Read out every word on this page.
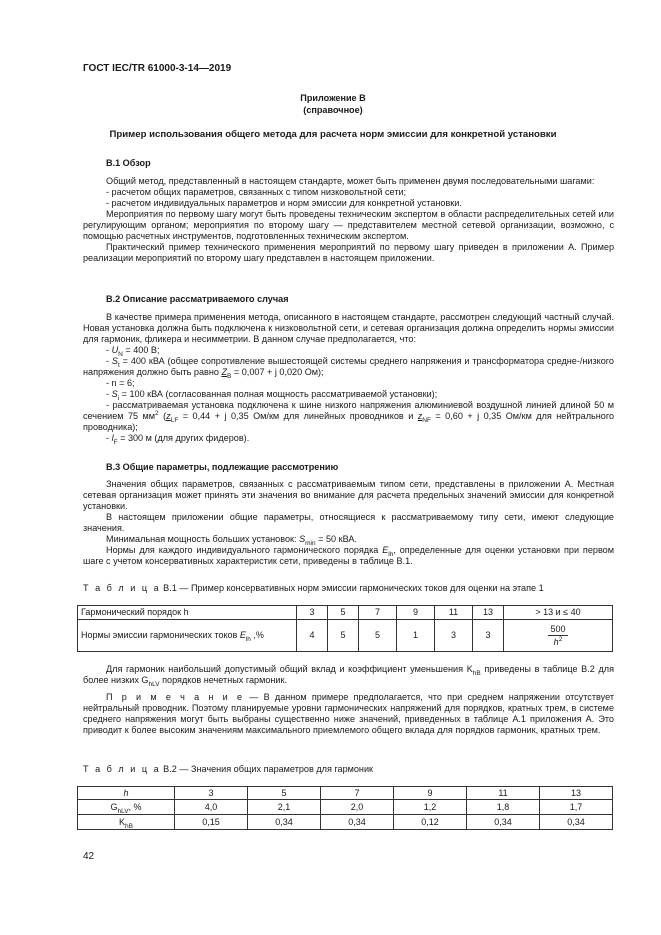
ГОСТ IEC/TR 61000-3-14—2019
Приложение В
(справочное)
Пример использования общего метода для расчета норм эмиссии для конкретной установки
В.1 Обзор

Общий метод, представленный в настоящем стандарте, может быть применен двумя последовательными шагами:

- расчетом общих параметров, связанных с типом низковольтной сети;

- расчетом индивидуальных параметров и норм эмиссии для конкретной установки.

Мероприятия по первому шагу могут быть проведены техническим экспертом в области распределительных сетей или регулирующим органом; мероприятия по второму шагу — представителем местной сетевой организации, возможно, с помощью расчетных инструментов, подготовленных техническим экспертом.

Практический пример технического применения мероприятий по первому шагу приведен в приложении А. Пример реализации мероприятий по второму шагу представлен в настоящем приложении.

В.2 Описание рассматриваемого случая

В качестве примера применения метода, описанного в настоящем стандарте, рассмотрен следующий частный случай. Новая установка должна быть подключена к низковольтной сети, и сетевая организация должна определить нормы эмиссии для гармоник, фликера и несимметрии. В данном случае предполагается, что:

- $U_N = 400$ В;

- $S_t = 400$ кВА (общее сопротивление вышестоящей системы среднего напряжения и трансформатора средне-/низкого напряжения должно быть равно $Z_B = 0,007 + j$ 0,020 Ом);

- n = 6;

- $S_i = 100$ кВА (согласованная полная мощность рассматриваемой установки);

- рассматриваемая установка подключена к шине низкого напряжения алюминиевой воздушной линией длиной 50 м сечением 75 $мм^2$ ($z_{LF} = 0,44 + j$ 0,35 Ом/км для линейных проводников и $z_{NF} = 0,60 + j$ 0,35 Ом/км для нейтрального проводника);

- $l_F = 300$ м (для других фидеров).

В.3 Общие параметры, подлежащие рассмотрению

Значения общих параметров, связанных с рассматриваемым типом сети, представлены в приложении А. Местная сетевая организация может принять эти значения во внимание для расчета предельных значений эмиссии для конкретной установки.

В настоящем приложении общие параметры, относящиеся к рассматриваемому типу сети, имеют следующие значения.

Минимальная мощность больших установок: $S_{min} = 50$ кВА.

Нормы для каждого индивидуального гармонического порядка $E_{lh}$, определенные для оценки установки при первом шаге с учетом консервативных характеристик сети, приведены в таблице В.1.

Т а б л и ц а В.1 — Пример консервативных норм эмиссии гармонических токов для оценки на этапе 1
Гармонический порядок h	3	5	7	9	11	13	> 13 и ≤ 40
Нормы эмиссии гармонических токов $E_{lh}$ ,%	4	5	5	1	3	3	$\frac{500}{h^2}$

Для гармоник наибольший допустимый общий вклад и коэффициент уменьшения $K_{hB}$ приведены в таблице В.2 для более низких $G_{hLV}$ порядков нечетных гармоник.

П р и м е ч а н и е — В данном примере предполагается, что при среднем напряжении отсутствует нейтральный проводник. Поэтому планируемые уровни гармонических напряжений для порядков, кратных трем, в системе среднего напряжения могут быть выбраны существенно ниже значений, приведенных в таблице А.1 приложения А. Это приводит к более высоким значениям максимального приемлемого общего вклада для порядков гармоник, кратных трем.

Т а б л и ц а В.2 — Значения общих параметров для гармоник
h	3	5	7	9	11	13
$G_{hLV}$, %	4,0	2,1	2,0	1,2	1,8	1,7
$K_{hB}$	0,15	0,34	0,34	0,12	0,34	0,34
42
